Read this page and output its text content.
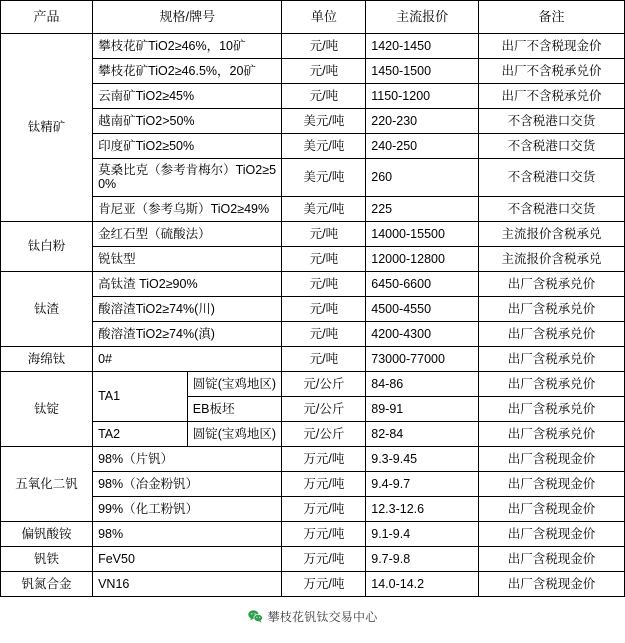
产品	规格/牌号		单位	主流报价	备注
钛精矿	攀枝花矿TiO2≥46%，10矿		元/吨	1420-1450	出厂不含税现金价
	攀枝花矿TiO2≥46.5%，20矿		元/吨	1450-1500	出厂不含税承兑价
	云南矿TiO2≥45%		元/吨	1150-1200	出厂不含税承兑价
	越南矿TiO2>50%		美元/吨	220-230	不含税港口交货
	印度矿TiO2≥50%		美元/吨	240-250	不含税港口交货
	莫桑比克（参考肯梅尔）TiO2≥50%		美元/吨	260	不含税港口交货
	肯尼亚（参考乌斯）TiO2≥49%		美元/吨	225	不含税港口交货
钛白粉	金红石型（硫酸法）		元/吨	14000-15500	主流报价含税承兑
	锐钛型		元/吨	12000-12800	主流报价含税承兑
钛渣	高钛渣 TiO2≥90%		元/吨	6450-6600	出厂含税承兑价
	酸溶渣TiO2≥74%(川)		元/吨	4500-4550	出厂含税承兑价
	酸溶渣TiO2≥74%(滇)		元/吨	4200-4300	出厂含税承兑价
海绵钛	0#		元/吨	73000-77000	出厂含税承兑价
钛锭	TA1	圆锭(宝鸡地区)	元/公斤	84-86	出厂含税承兑价
		EB板坯	元/公斤	89-91	出厂含税承兑价
	TA2	圆锭(宝鸡地区)	元/公斤	82-84	出厂含税承兑价
五氧化二钒	98%（片钒）		万元/吨	9.3-9.45	出厂含税现金价
	98%（冶金粉钒）		万元/吨	9.4-9.7	出厂含税现金价
	99%（化工粉钒）		万元/吨	12.3-12.6	出厂含税现金价
偏钒酸铵	98%		万元/吨	9.1-9.4	出厂含税现金价
钒铁	FeV50		万元/吨	9.7-9.8	出厂含税现金价
钒氮合金	VN16		万元/吨	14.0-14.2	出厂含税现金价
攀枝花钒钛交易中心
